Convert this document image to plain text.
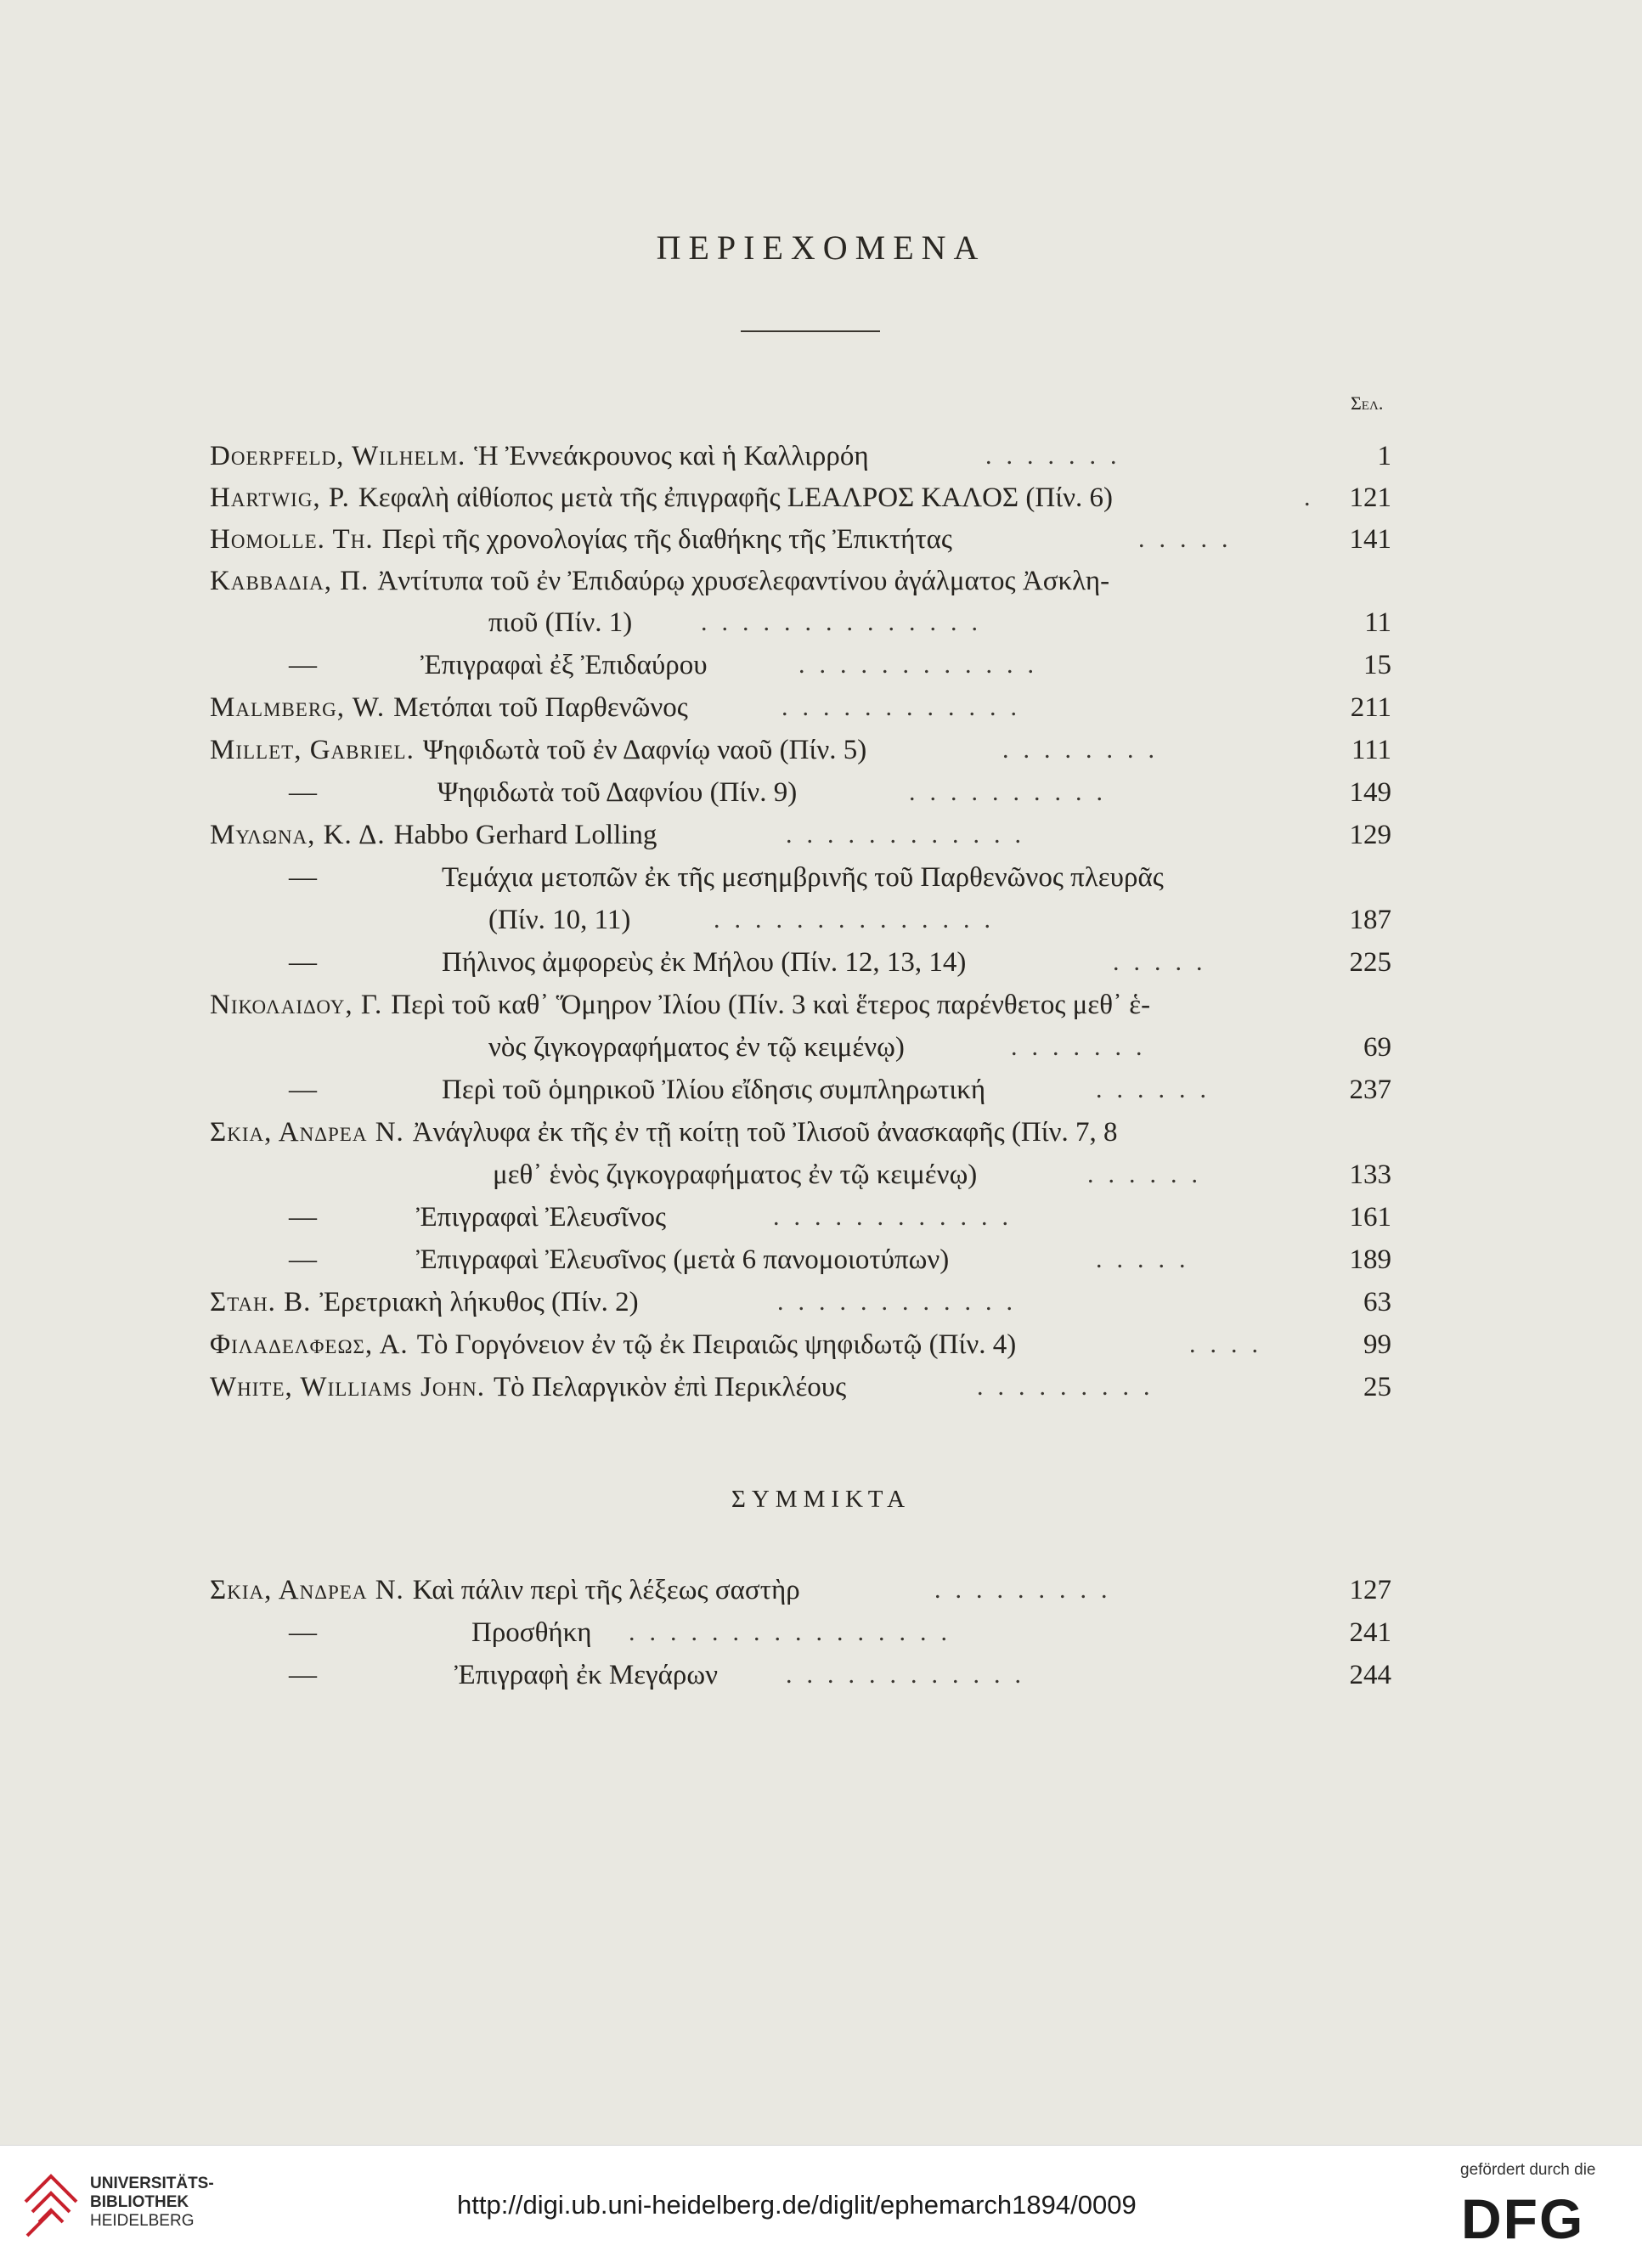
ΠΕΡΙΕΧΟΜΕΝΑ
Σελ.
Doerpfeld, Wilhelm. Ἡ Ἐννεάκρουνος καὶ ἡ Καλλιρρόη	.......	1
Hartwig, P. Κεφαλὴ αἰθίοπος μετὰ τῆς ἐπιγραφῆς LEAΛΡOΣ KAΛOΣ (Πίν. 6)	. 121
Homolle. Th. Περὶ τῆς χρονολογίας τῆς διαθήκης τῆς Ἐπικτήτας	.....	141
Καββαδια, Π. Ἀντίτυπα τοῦ ἐν Ἐπιδαύρῳ χρυσελεφαντίνου ἀγάλματος Ἀσκλη-
πιοῦ (Πίν. 1)	..............	11
—	Ἐπιγραφαὶ ἐξ Ἐπιδαύρου	............	15
Malmberg, W. Μετόπαι τοῦ Παρθενῶνος	............	211
Millet, Gabriel. Ψηφιδωτὰ τοῦ ἐν Δαφνίῳ ναοῦ (Πίν. 5)	........	111
—	Ψηφιδωτὰ τοῦ Δαφνίου (Πίν. 9)	..........	149
Μυλωνα, Κ. Δ. Habbo Gerhard Lolling	............	129
—	Τεμάχια μετοπῶν ἐκ τῆς μεσημβρινῆς τοῦ Παρθενῶνος πλευρᾶς
(Πίν. 10, 11)	..............	187
—	Πήλινος ἀμφορεὺς ἐκ Μήλου (Πίν. 12, 13, 14)	.....	225
Νικολαιδου, Γ. Περὶ τοῦ καθ᾽ Ὅμηρον Ἰλίου (Πίν. 3 καὶ ἕτερος παρένθετος μεθ᾽ ἑ-
νὸς ζιγκογραφήματος ἐν τῷ κειμένῳ)	.......	69
—	Περὶ τοῦ ὁμηρικοῦ Ἰλίου εἴδησις συμπληρωτική	......	237
Σκια, Ανδρεα Ν. Ἀνάγλυφα ἐκ τῆς ἐν τῇ κοίτῃ τοῦ Ἰλισοῦ ἀνασκαφῆς (Πίν. 7, 8
μεθ᾽ ἑνὸς ζιγκογραφήματος ἐν τῷ κειμένῳ)	......	133
—	Ἐπιγραφαὶ Ἐλευσῖνος	............	161
—	Ἐπιγραφαὶ Ἐλευσῖνος (μετὰ 6 πανομοιοτύπων)	.....	189
Σταη. Β. Ἐρετριακὴ λήκυθος (Πίν. 2)	............	63
Φιλαδελφεως, Α. Τὸ Γοργόνειον ἐν τῷ ἐκ Πειραιῶς ψηφιδωτῷ (Πίν. 4)	....	99
White, Williams John. Τὸ Πελαργικὸν ἐπὶ Περικλέους	.........	25
ΣΥΜΜΙΚΤΑ
Σκια, Ανδρεα Ν. Καὶ πάλιν περὶ τῆς λέξεως σαστὴρ	.........	127
—	Προσθήκη ................	241
—	Ἐπιγραφὴ ἐκ Μεγάρων	............	244
UNIVERSITÄTS-
BIBLIOTHEK
HEIDELBERG
http://digi.ub.uni-heidelberg.de/diglit/ephemarch1894/0009
gefördert durch die
DFG
